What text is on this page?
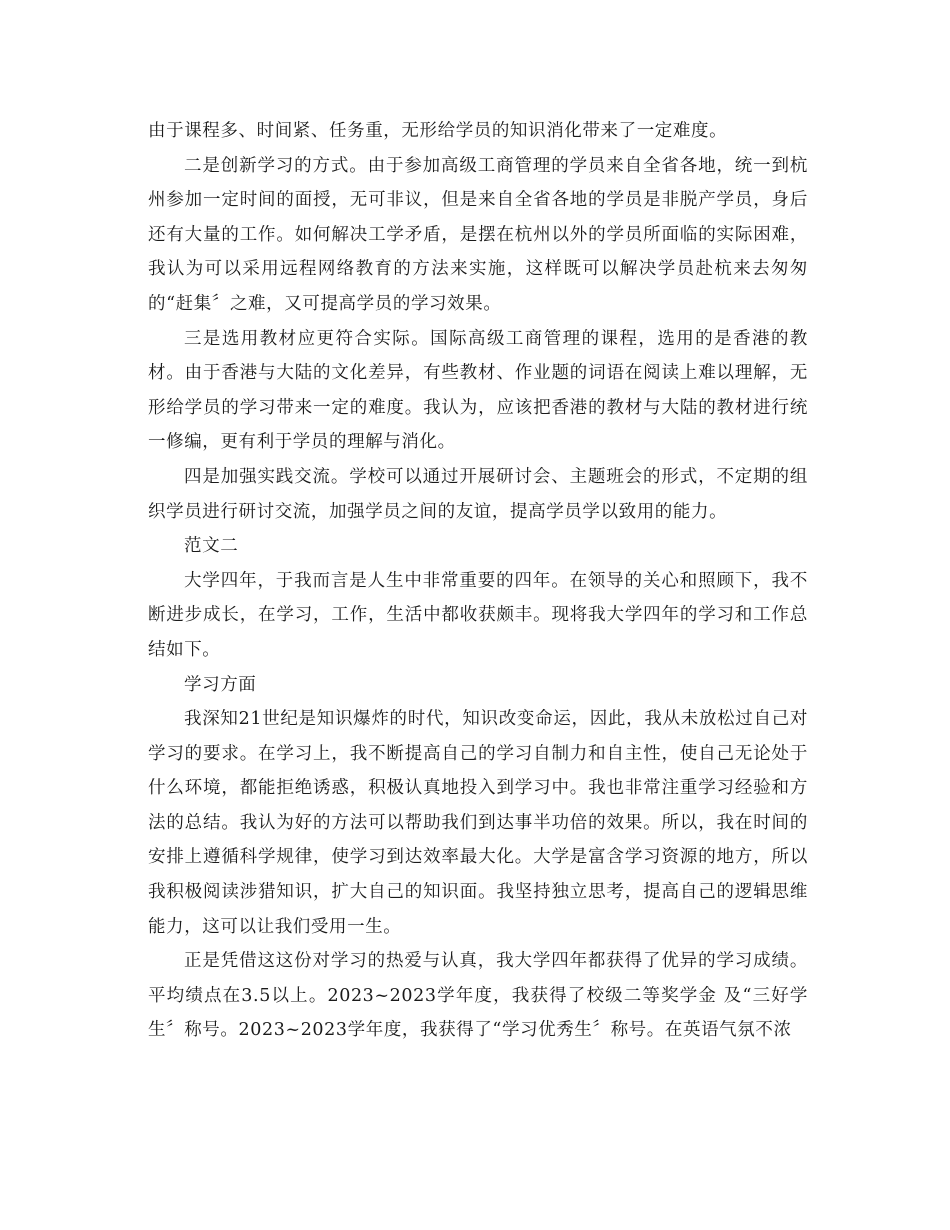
由于课程多、时间紧、任务重，无形给学员的知识消化带来了一定难度。

二是创新学习的方式。由于参加高级工商管理的学员来自全省各地，统一到杭州参加一定时间的面授，无可非议，但是来自全省各地的学员是非脱产学员，身后还有大量的工作。如何解决工学矛盾，是摆在杭州以外的学员所面临的实际困难，我认为可以采用远程网络教育的方法来实施，这样既可以解决学员赴杭来去匆匆的“赶集〞之难，又可提高学员的学习效果。

三是选用教材应更符合实际。国际高级工商管理的课程，选用的是香港的教材。由于香港与大陆的文化差异，有些教材、作业题的词语在阅读上难以理解，无形给学员的学习带来一定的难度。我认为，应该把香港的教材与大陆的教材进行统一修编，更有利于学员的理解与消化。

四是加强实践交流。学校可以通过开展研讨会、主题班会的形式，不定期的组织学员进行研讨交流，加强学员之间的友谊，提高学员学以致用的能力。

范文二

大学四年，于我而言是人生中非常重要的四年。在领导的关心和照顾下，我不断进步成长，在学习，工作，生活中都收获颇丰。现将我大学四年的学习和工作总结如下。

学习方面

我深知21世纪是知识爆炸的时代，知识改变命运，因此，我从未放松过自己对学习的要求。在学习上，我不断提高自己的学习自制力和自主性，使自己无论处于什么环境，都能拒绝诱惑，积极认真地投入到学习中。我也非常注重学习经验和方法的总结。我认为好的方法可以帮助我们到达事半功倍的效果。所以，我在时间的安排上遵循科学规律，使学习到达效率最大化。大学是富含学习资源的地方，所以我积极阅读涉猎知识，扩大自己的知识面。我坚持独立思考，提高自己的逻辑思维能力，这可以让我们受用一生。

正是凭借这这份对学习的热爱与认真，我大学四年都获得了优异的学习成绩。平均绩点在3.5以上。2023~2023学年度，我获得了校级二等奖学金 及“三好学生〞称号。2023~2023学年度，我获得了“学习优秀生〞称号。在英语气氛不浓
